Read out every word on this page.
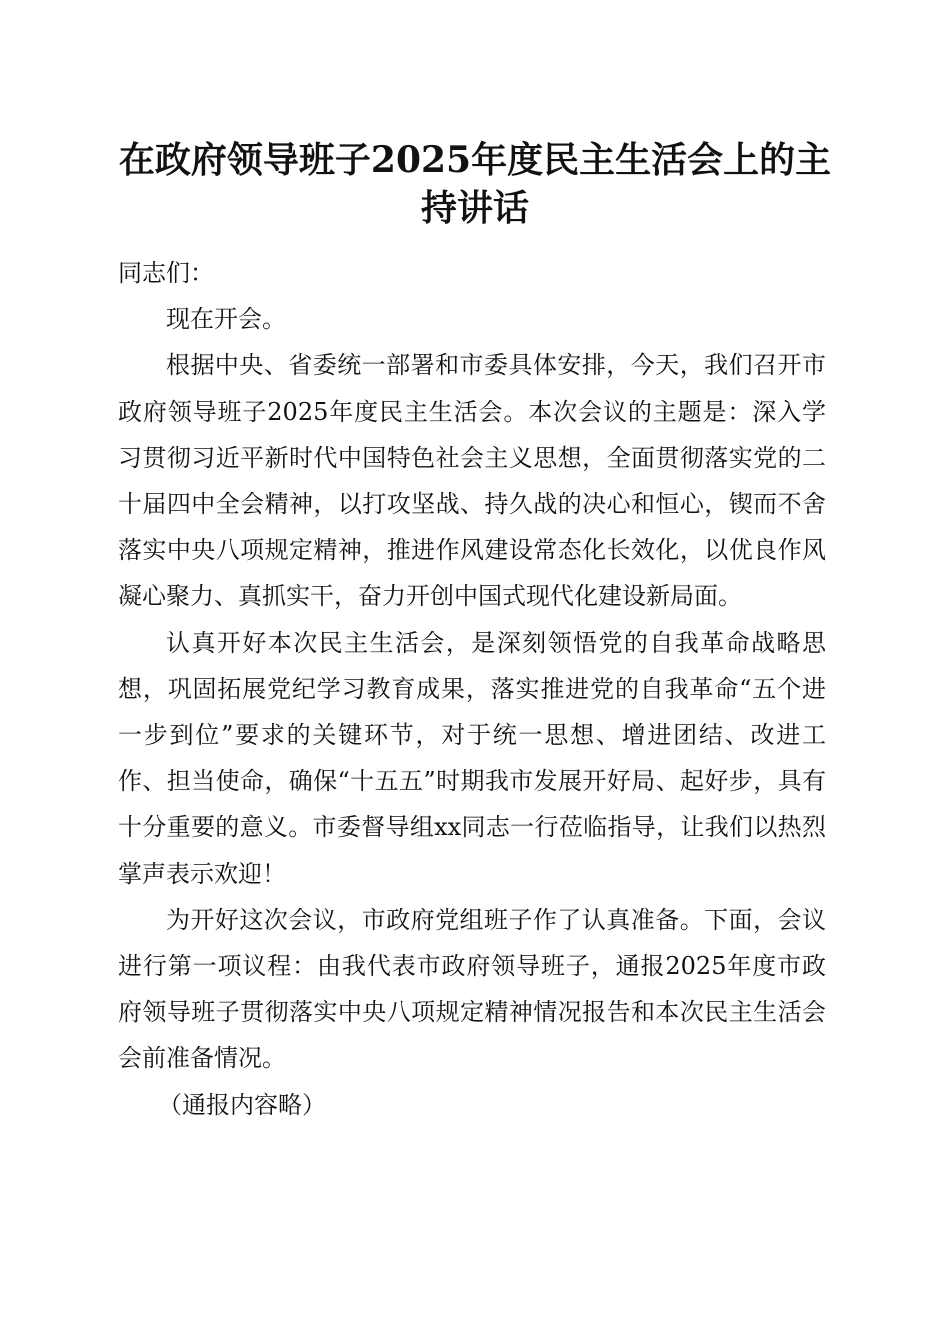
在政府领导班子2025年度民主生活会上的主持讲话

同志们：

现在开会。

根据中央、省委统一部署和市委具体安排，今天，我们召开市政府领导班子2025年度民主生活会。本次会议的主题是：深入学习贯彻习近平新时代中国特色社会主义思想，全面贯彻落实党的二十届四中全会精神，以打攻坚战、持久战的决心和恒心，锲而不舍落实中央八项规定精神，推进作风建设常态化长效化，以优良作风凝心聚力、真抓实干，奋力开创中国式现代化建设新局面。

认真开好本次民主生活会，是深刻领悟党的自我革命战略思想，巩固拓展党纪学习教育成果，落实推进党的自我革命“五个进一步到位”要求的关键环节，对于统一思想、增进团结、改进工作、担当使命，确保“十五五”时期我市发展开好局、起好步，具有十分重要的意义。市委督导组xx同志一行莅临指导，让我们以热烈掌声表示欢迎！

为开好这次会议，市政府党组班子作了认真准备。下面，会议进行第一项议程：由我代表市政府领导班子，通报2025年度市政府领导班子贯彻落实中央八项规定精神情况报告和本次民主生活会会前准备情况。

（通报内容略）
